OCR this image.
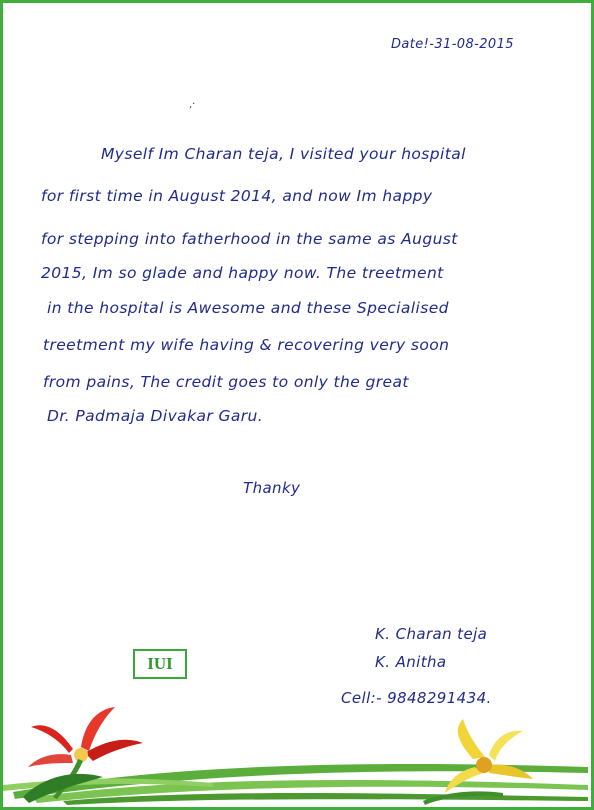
Date!-31-08-2015
,·
Myself Im Charan teja, I visited your hospital
for first time in August 2014, and now Im happy
for stepping into fatherhood in the same as August
2015, Im so glade and happy now. The treetment
in the hospital is Awesome and these Specialised
treetment my wife having & recovering very soon
from pains, The credit goes to only the great
Dr. Padmaja Divakar Garu.
Thanky
K. Charan teja
K. Anitha
Cell:- 9848291434.
IUI
